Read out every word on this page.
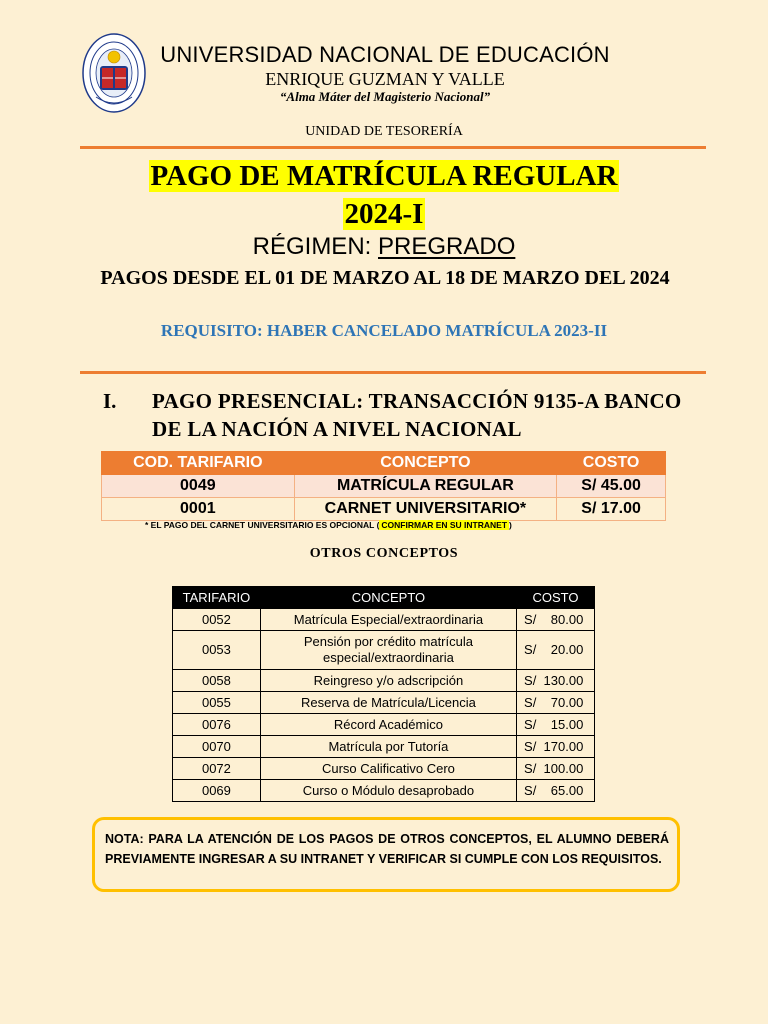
UNIVERSIDAD NACIONAL DE EDUCACIÓN
ENRIQUE GUZMAN Y VALLE
“Alma Máter del Magisterio Nacional”
UNIDAD DE TESORERÍA
PAGO DE MATRÍCULA REGULAR
2024-I
RÉGIMEN: PREGRADO
PAGOS DESDE EL 01 DE MARZO AL 18 DE MARZO DEL 2024
REQUISITO: HABER CANCELADO MATRÍCULA 2023-II
I. PAGO PRESENCIAL: TRANSACCIÓN 9135-A BANCO DE LA NACIÓN A NIVEL NACIONAL
COD. TARIFARIO	CONCEPTO	COSTO
0049	MATRÍCULA REGULAR	S/ 45.00
0001	CARNET UNIVERSITARIO*	S/ 17.00
* EL PAGO DEL CARNET UNIVERSITARIO ES OPCIONAL ( CONFIRMAR EN SU INTRANET )
OTROS CONCEPTOS
TARIFARIO	CONCEPTO	COSTO
0052	Matrícula Especial/extraordinaria	S/    80.00
0053	Pensión por crédito matrícula especial/extraordinaria	S/    20.00
0058	Reingreso y/o adscripción	S/  130.00
0055	Reserva de Matrícula/Licencia	S/    70.00
0076	Récord Académico	S/    15.00
0070	Matrícula por Tutoría	S/  170.00
0072	Curso Calificativo Cero	S/  100.00
0069	Curso o Módulo desaprobado	S/    65.00
NOTA: PARA LA ATENCIÓN DE LOS PAGOS DE OTROS CONCEPTOS, EL ALUMNO DEBERÁ PREVIAMENTE INGRESAR A SU INTRANET Y VERIFICAR SI CUMPLE CON LOS REQUISITOS.
